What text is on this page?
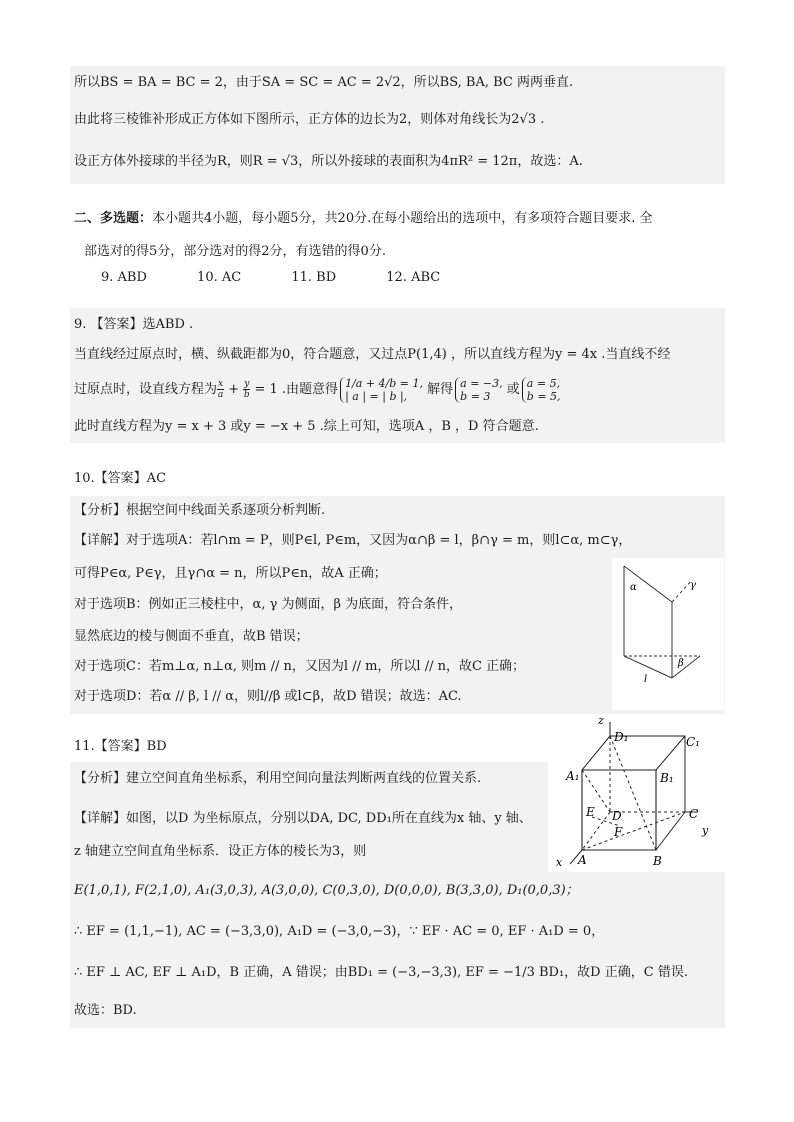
所以BS = BA = BC = 2，由于SA = SC = AC = 2√2，所以BS, BA, BC 两两垂直.
由此将三棱锥补形成正方体如下图所示，正方体的边长为2，则体对角线长为2√3 .
设正方体外接球的半径为R，则R = √3，所以外接球的表面积为4πR² = 12π，故选：A.
二、多选题：本小题共4小题，每小题5分，共20分.在每小题给出的选项中，有多项符合题目要求. 全
部选对的得5分，部分选对的得2分，有选错的得0分.
9. ABD	10. AC	11. BD	12. ABC
9. 【答案】选ABD .
当直线经过原点时，横、纵截距都为0，符合题意，又过点P(1,4) ，所以直线方程为y = 4x .当直线不经
过原点时，设直线方程为 $\frac{x}{a} + \frac{y}{b} = 1$ .由题意得 1/a + 4/b = 1,
| a | = | b |,	解得 a = −3,
b = 3	或 a = 5,
b = 5,
此时直线方程为y = x + 3 或y = −x + 5 .综上可知，选项A ，B ，D 符合题意.
10.【答案】AC
【分析】根据空间中线面关系逐项分析判断.
【详解】对于选项A：若l∩m = P，则P∈l, P∈m，又因为α∩β = l，β∩γ = m，则l⊂α, m⊂γ，
可得P∈α, P∈γ，且γ∩α = n，所以P∈n，故A 正确；
对于选项B：例如正三棱柱中，α, γ 为侧面，β 为底面，符合条件，
显然底边的棱与侧面不垂直，故B 错误；
对于选项C：若m⊥α, n⊥α, 则m // n，又因为l // m，所以l // n，故C 正确；
对于选项D：若α // β, l // α，则l//β 或l⊂β，故D 错误；故选：AC.
α	γ
β
l
11.【答案】BD
【分析】建立空间直角坐标系，利用空间向量法判断两直线的位置关系.
【详解】如图，以D 为坐标原点，分别以DA, DC, DD₁所在直线为x 轴、y 轴、
z 轴建立空间直角坐标系．设正方体的棱长为3，则
E(1,0,1), F(2,1,0), A₁(3,0,3), A(3,0,0), C(0,3,0), D(0,0,0), B(3,3,0), D₁(0,0,3)；
∴ EF = (1,1,−1), AC = (−3,3,0), A₁D = (−3,0,−3)，∵ EF · AC = 0, EF · A₁D = 0，
∴ EF ⊥ AC, EF ⊥ A₁D，B 正确，A 错误；由BD₁ = (−3,−3,3), EF = −1/3 BD₁，故D 正确，C 错误.
故选：BD.
z
y
x
D₁	C₁
A₁	B₁
E D
F
C
A	B
